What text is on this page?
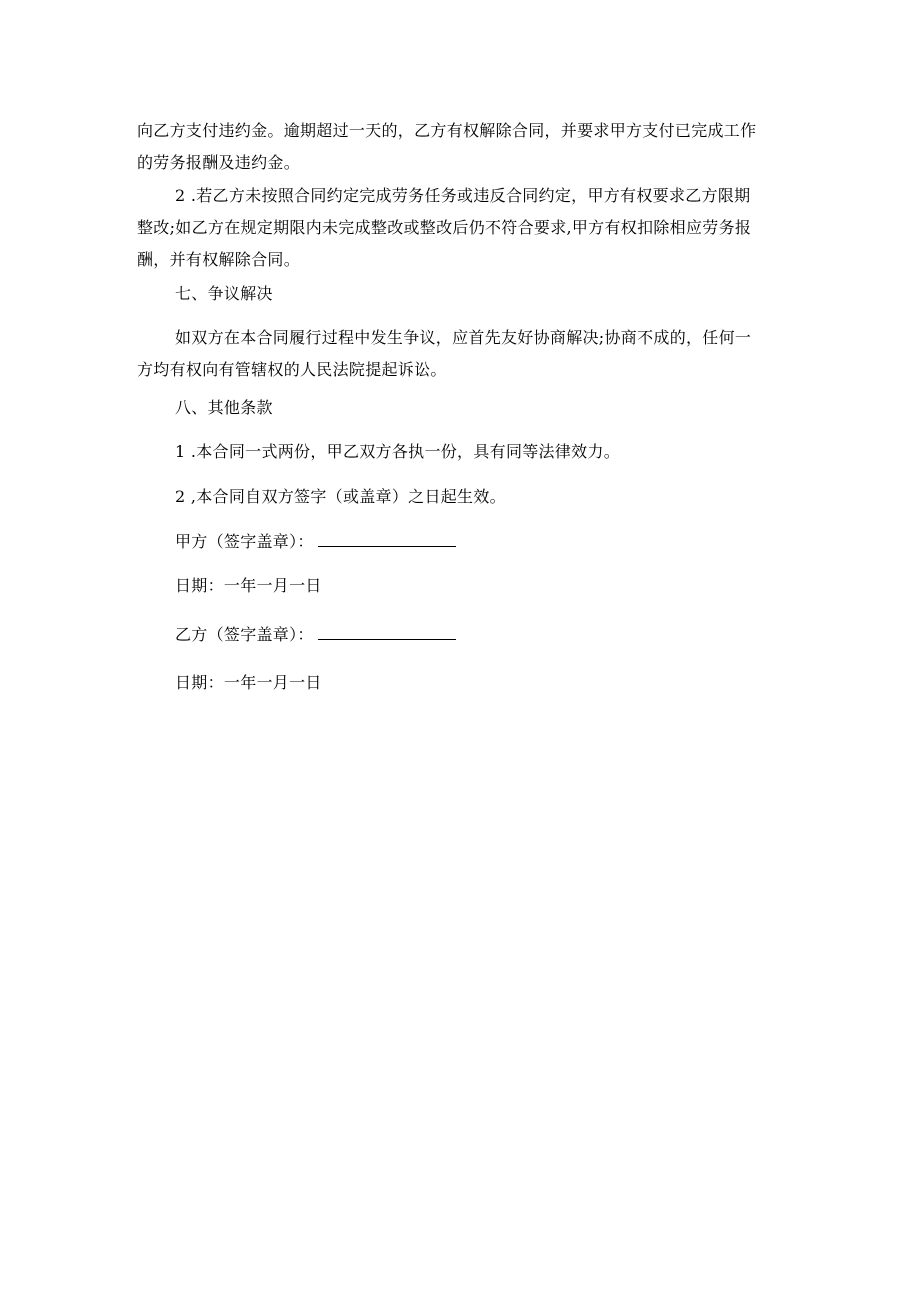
向乙方支付违约金。逾期超过一天的，乙方有权解除合同，并要求甲方支付已完成工作
的劳务报酬及违约金。
2 .若乙方未按照合同约定完成劳务任务或违反合同约定，甲方有权要求乙方限期
整改;如乙方在规定期限内未完成整改或整改后仍不符合要求,甲方有权扣除相应劳务报
酬，并有权解除合同。
七、争议解决
如双方在本合同履行过程中发生争议，应首先友好协商解决;协商不成的，任何一
方均有权向有管辖权的人民法院提起诉讼。
八、其他条款
1 .本合同一式两份，甲乙双方各执一份，具有同等法律效力。
2 ,本合同自双方签字（或盖章）之日起生效。
甲方（签字盖章）：
日期：一年一月一日
乙方（签字盖章）：
日期：一年一月一日
